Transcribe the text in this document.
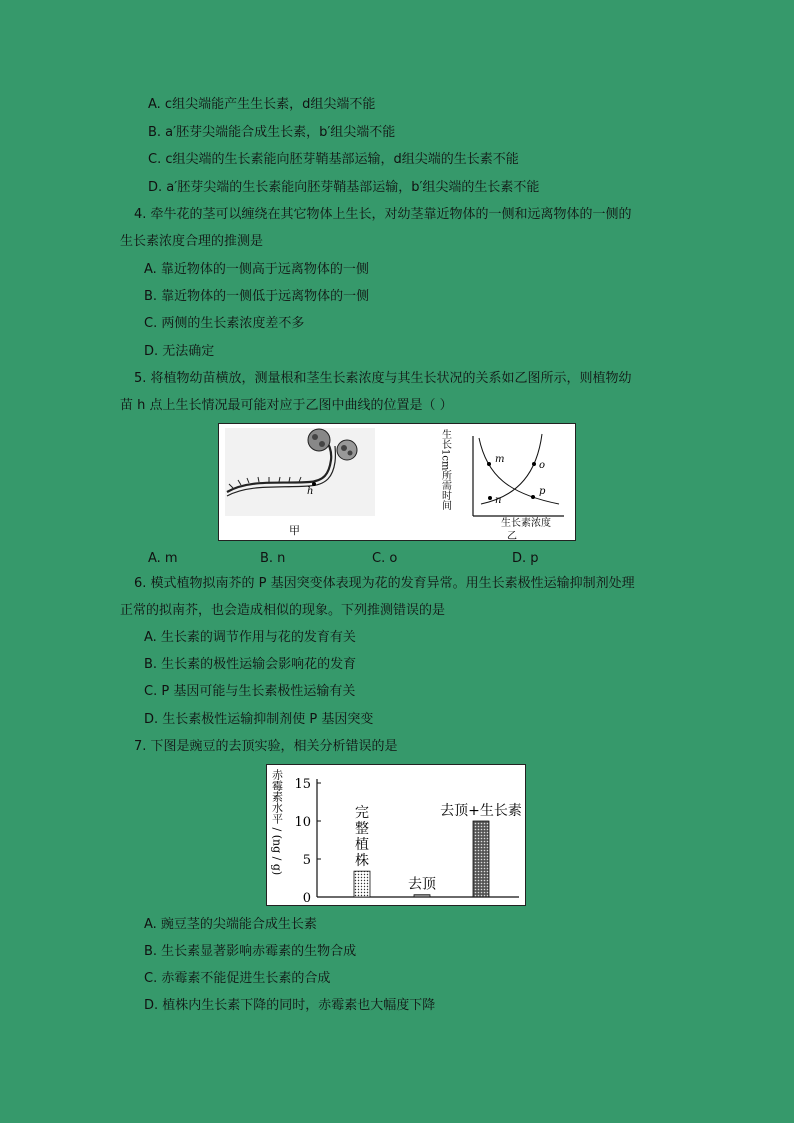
A. c组尖端能产生生长素，d组尖端不能
B. a′胚芽尖端能合成生长素，b′组尖端不能
C. c组尖端的生长素能向胚芽鞘基部运输，d组尖端的生长素不能
D. a′胚芽尖端的生长素能向胚芽鞘基部运输，b′组尖端的生长素不能
4. 牵牛花的茎可以缠绕在其它物体上生长，对幼茎靠近物体的一侧和远离物体的一侧的
生长素浓度合理的推测是
A. 靠近物体的一侧高于远离物体的一侧
B. 靠近物体的一侧低于远离物体的一侧
C. 两侧的生长素浓度差不多
D. 无法确定
5. 将植物幼苗横放，测量根和茎生长素浓度与其生长状况的关系如乙图所示，则植物幼
苗 h 点上生长情况最可能对应于乙图中曲线的位置是（ ）
h
甲
生长1cm所需时间	m
n
o
p
生长素浓度
乙
A. m	B. n	C. o	D. p
6. 模式植物拟南芥的 P 基因突变体表现为花的发育异常。用生长素极性运输抑制剂处理
正常的拟南芥，也会造成相似的现象。下列推测错误的是
A. 生长素的调节作用与花的发育有关
B. 生长素的极性运输会影响花的发育
C. P 基因可能与生长素极性运输有关
D. 生长素极性运输抑制剂使 P 基因突变
7. 下图是豌豆的去顶实验，相关分析错误的是
赤霉素水平 / (ng / g)
0
5
10
15
完
整
植
株
去顶
去顶+生长素
A. 豌豆茎的尖端能合成生长素
B. 生长素显著影响赤霉素的生物合成
C. 赤霉素不能促进生长素的合成
D. 植株内生长素下降的同时，赤霉素也大幅度下降
